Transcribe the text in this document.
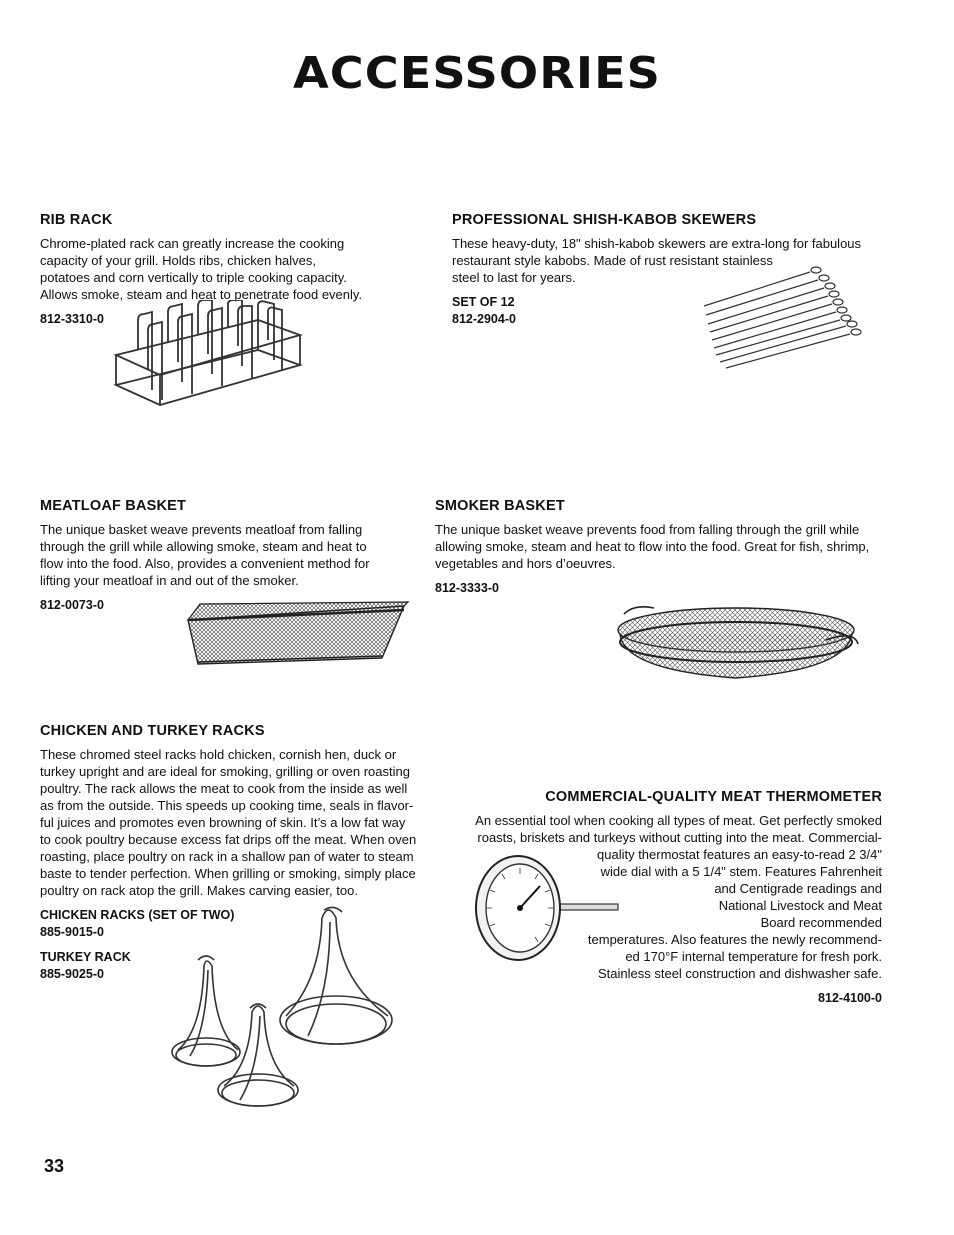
ACCESSORIES
RIB RACK
Chrome-plated rack can greatly increase the cooking
capacity of your grill. Holds ribs, chicken halves,
potatoes and corn vertically to triple cooking capacity.
Allows smoke, steam and heat to penetrate food evenly.
812-3310-0
PROFESSIONAL SHISH-KABOB SKEWERS
These heavy-duty, 18" shish-kabob skewers are extra-long for fabulous
restaurant style kabobs. Made of rust resistant stainless
steel to last for years.
SET OF 12
812-2904-0
MEATLOAF BASKET
The unique basket weave prevents meatloaf from falling
through the grill while allowing smoke, steam and heat to
flow into the food. Also, provides a convenient method for
lifting your meatloaf in and out of the smoker.
812-0073-0
SMOKER BASKET
The unique basket weave prevents food from falling through the grill while
allowing smoke, steam and heat to flow into the food. Great for fish, shrimp,
vegetables and hors d’oeuvres.
812-3333-0
CHICKEN AND TURKEY RACKS
These chromed steel racks hold chicken, cornish hen, duck or
turkey upright and are ideal for smoking, grilling or oven roasting
poultry. The rack allows the meat to cook from the inside as well
as from the outside. This speeds up cooking time, seals in flavor-
ful juices and promotes even browning of skin. It’s a low fat way
to cook poultry because excess fat drips off the meat. When oven
roasting, place poultry on rack in a shallow pan of water to steam
baste to tender perfection. When grilling or smoking, simply place
poultry on rack atop the grill. Makes carving easier, too.
CHICKEN RACKS (SET OF TWO)
885-9015-0
TURKEY RACK
885-9025-0
COMMERCIAL-QUALITY MEAT THERMOMETER
An essential tool when cooking all types of meat. Get perfectly smoked
roasts, briskets and turkeys without cutting into the meat. Commercial-
quality thermostat features an easy-to-read 2 3/4"
wide dial with a 5 1/4" stem. Features Fahrenheit
and Centigrade readings and
National Livestock and Meat
Board recommended
temperatures. Also features the newly recommend-
ed 170°F internal temperature for fresh pork.
Stainless steel construction and dishwasher safe.
812-4100-0
33
